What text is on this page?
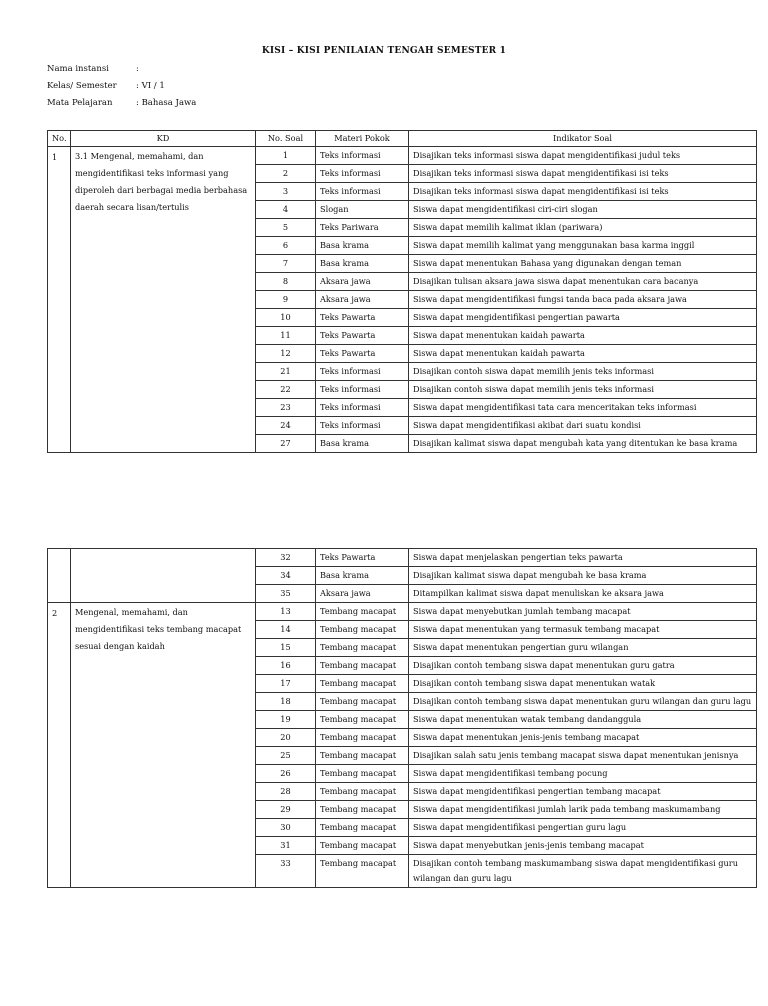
KISI – KISI PENILAIAN TENGAH SEMESTER 1
Nama instansi	:
Kelas/ Semester	: VI / 1
Mata Pelajaran	: Bahasa Jawa
No.	KD	No. Soal	Materi Pokok	Indikator Soal
1	3.1 Mengenal, memahami, dan mengidentifikasi teks informasi yang diperoleh dari berbagai media berbahasa daerah secara lisan/tertulis	1	Teks informasi	Disajikan teks informasi siswa dapat mengidentifikasi judul teks
		2	Teks informasi	Disajikan teks informasi siswa dapat mengidentifikasi isi teks
		3	Teks informasi	Disajikan teks informasi siswa dapat mengidentifikasi isi teks
		4	Slogan	Siswa dapat mengidentifikasi ciri-ciri slogan
		5	Teks Pariwara	Siswa dapat memilih kalimat iklan (pariwara)
		6	Basa krama	Siswa dapat memilih kalimat yang menggunakan basa karma inggil
		7	Basa krama	Siswa dapat menentukan Bahasa yang digunakan dengan teman
		8	Aksara jawa	Disajikan tulisan aksara jawa siswa dapat menentukan cara bacanya
		9	Aksara jawa	Siswa dapat mengidentifikasi fungsi tanda baca pada aksara jawa
		10	Teks Pawarta	Siswa dapat mengidentifikasi pengertian pawarta
		11	Teks Pawarta	Siswa dapat menentukan kaidah pawarta
		12	Teks Pawarta	Siswa dapat menentukan kaidah pawarta
		21	Teks informasi	Disajikan contoh siswa dapat memilih jenis teks informasi
		22	Teks informasi	Disajikan contoh siswa dapat memilih jenis teks informasi
		23	Teks informasi	Siswa dapat mengidentifikasi tata cara menceritakan teks informasi
		24	Teks informasi	Siswa dapat mengidentifikasi akibat dari suatu kondisi
		27	Basa krama	Disajikan kalimat siswa dapat mengubah kata yang ditentukan ke basa krama
		32	Teks Pawarta	Siswa dapat menjelaskan pengertian teks pawarta
		34	Basa krama	Disajikan kalimat siswa dapat mengubah ke basa krama
		35	Aksara jawa	Ditampilkan kalimat siswa dapat menuliskan ke aksara jawa
2	Mengenal, memahami, dan mengidentifikasi teks tembang macapat sesuai dengan kaidah	13	Tembang macapat	Siswa dapat menyebutkan jumlah tembang macapat
		14	Tembang macapat	Siswa dapat menentukan yang termasuk tembang macapat
		15	Tembang macapat	Siswa dapat menentukan pengertian guru wilangan
		16	Tembang macapat	Disajikan contoh tembang siswa dapat menentukan guru gatra
		17	Tembang macapat	Disajikan contoh tembang siswa dapat menentukan watak
		18	Tembang macapat	Disajikan contoh tembang siswa dapat menentukan guru wilangan dan guru lagu
		19	Tembang macapat	Siswa dapat menentukan watak tembang dandanggula
		20	Tembang macapat	Siswa dapat menentukan jenis-jenis tembang macapat
		25	Tembang macapat	Disajikan salah satu jenis tembang macapat siswa dapat menentukan jenisnya
		26	Tembang macapat	Siswa dapat mengidentifikasi tembang pocung
		28	Tembang macapat	Siswa dapat mengidentifikasi pengertian tembang macapat
		29	Tembang macapat	Siswa dapat mengidentifikasi jumlah larik pada tembang maskumambang
		30	Tembang macapat	Siswa dapat mengidentifikasi pengertian guru lagu
		31	Tembang macapat	Siswa dapat menyebutkan jenis-jenis tembang macapat
		33	Tembang macapat	Disajikan contoh tembang maskumambang siswa dapat mengidentifikasi guru wilangan dan guru lagu
